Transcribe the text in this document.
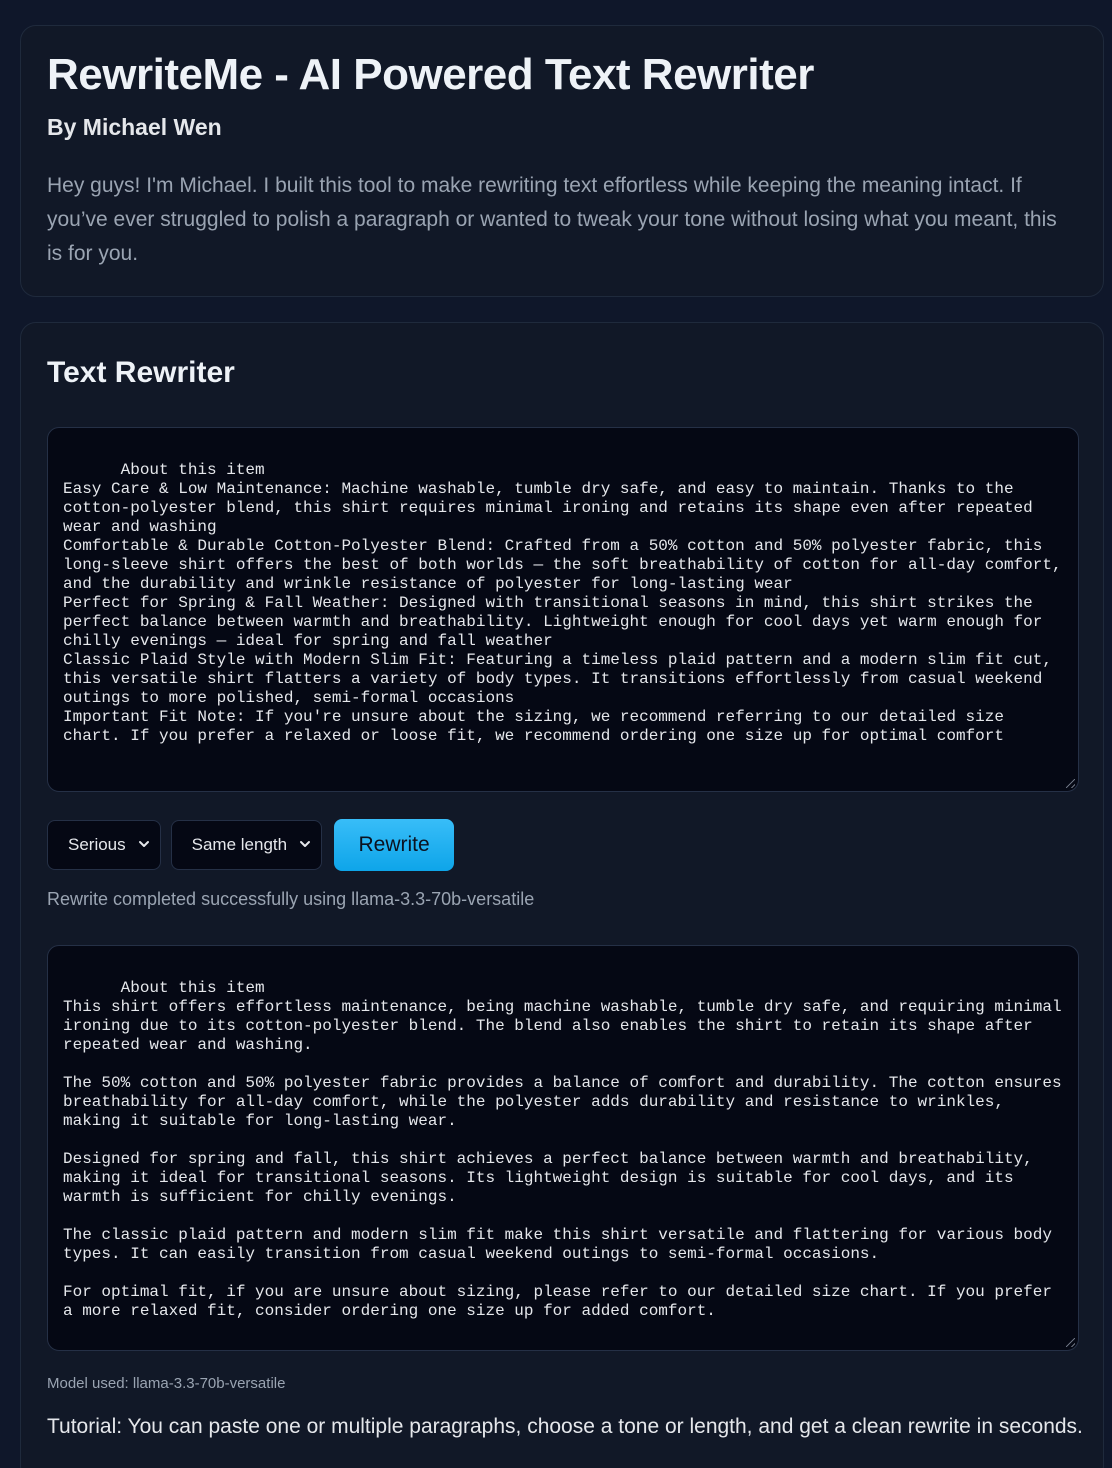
RewriteMe - AI Powered Text Rewriter
By Michael Wen
Hey guys! I'm Michael. I built this tool to make rewriting text effortless while keeping the meaning intact. If you’ve ever struggled to polish a paragraph or wanted to tweak your tone without losing what you meant, this is for you.
Text Rewriter

About this item
Easy Care & Low Maintenance: Machine washable, tumble dry safe, and easy to maintain. Thanks to the cotton-polyester blend, this shirt requires minimal ironing and retains its shape even after repeated wear and washing
Comfortable & Durable Cotton-Polyester Blend: Crafted from a 50% cotton and 50% polyester fabric, this long-sleeve shirt offers the best of both worlds — the soft breathability of cotton for all-day comfort, and the durability and wrinkle resistance of polyester for long-lasting wear
Perfect for Spring & Fall Weather: Designed with transitional seasons in mind, this shirt strikes the perfect balance between warmth and breathability. Lightweight enough for cool days yet warm enough for chilly evenings — ideal for spring and fall weather
Classic Plaid Style with Modern Slim Fit: Featuring a timeless plaid pattern and a modern slim fit cut, this versatile shirt flatters a variety of body types. It transitions effortlessly from casual weekend outings to more polished, semi-formal occasions
Important Fit Note: If you're unsure about the sizing, we recommend referring to our detailed size chart. If you prefer a relaxed or loose fit, we recommend ordering one size up for optimal comfort

Serious	Same length	Rewrite
Rewrite completed successfully using llama-3.3-70b-versatile

About this item
This shirt offers effortless maintenance, being machine washable, tumble dry safe, and requiring minimal ironing due to its cotton-polyester blend. The blend also enables the shirt to retain its shape after repeated wear and washing.

The 50% cotton and 50% polyester fabric provides a balance of comfort and durability. The cotton ensures breathability for all-day comfort, while the polyester adds durability and resistance to wrinkles, making it suitable for long-lasting wear.

Designed for spring and fall, this shirt achieves a perfect balance between warmth and breathability, making it ideal for transitional seasons. Its lightweight design is suitable for cool days, and its warmth is sufficient for chilly evenings.

The classic plaid pattern and modern slim fit make this shirt versatile and flattering for various body types. It can easily transition from casual weekend outings to semi-formal occasions.

For optimal fit, if you are unsure about sizing, please refer to our detailed size chart. If you prefer a more relaxed fit, consider ordering one size up for added comfort.

Model used: llama-3.3-70b-versatile
Tutorial: You can paste one or multiple paragraphs, choose a tone or length, and get a clean rewrite in seconds.
